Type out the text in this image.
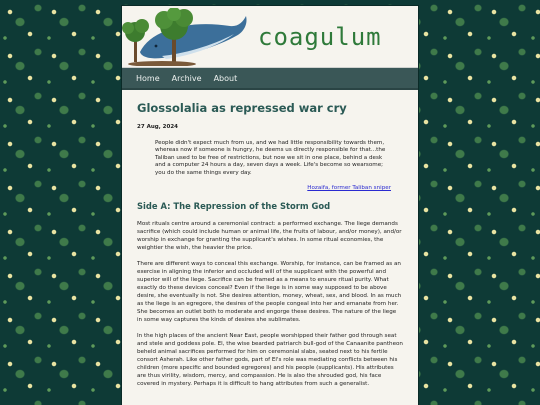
coagulum
Home Archive About
Glossolalia as repressed war cry
27 Aug, 2024
People didn't expect much from us, and we had little responsibility towards them, whereas now if someone is hungry, he deems us directly responsible for that...the Taliban used to be free of restrictions, but now we sit in one place, behind a desk and a computer 24 hours a day, seven days a week. Life's become so wearsome; you do the same things every day.
Hozaifa, former Taliban sniper
Side A: The Repression of the Storm God

Most rituals centre around a ceremonial contract: a performed exchange. The liege demands sacrifice (which could include human or animal life, the fruits of labour, and/or money), and/or worship in exchange for granting the supplicant's wishes. In some ritual economies, the weightier the wish, the heavier the price.

There are different ways to conceal this exchange. Worship, for instance, can be framed as an exercise in aligning the inferior and occluded will of the supplicant with the powerful and superior will of the liege. Sacrifice can be framed as a means to ensure ritual purity. What exactly do these devices conceal? Even if the liege is in some way supposed to be above desire, she eventually is not. She desires attention, money, wheat, sex, and blood. In as much as the liege is an egregore, the desires of the people congeal into her and emanate from her. She becomes an outlet both to moderate and engorge these desires. The nature of the liege in some way captures the kinds of desires she sublimates.

In the high places of the ancient Near East, people worshipped their father god through seat and stele and goddess pole. El, the wise bearded patriarch bull-god of the Canaanite pantheon beheld animal sacrifices performed for him on ceremonial slabs, seated next to his fertile consort Asherah. Like other father gods, part of El's role was mediating conflicts between his children (more specific and bounded egregores) and his people (supplicants). His attributes are thus virility, wisdom, mercy, and compassion. He is also the shrouded god, his face covered in mystery. Perhaps it is difficult to hang attributes from such a generalist.
